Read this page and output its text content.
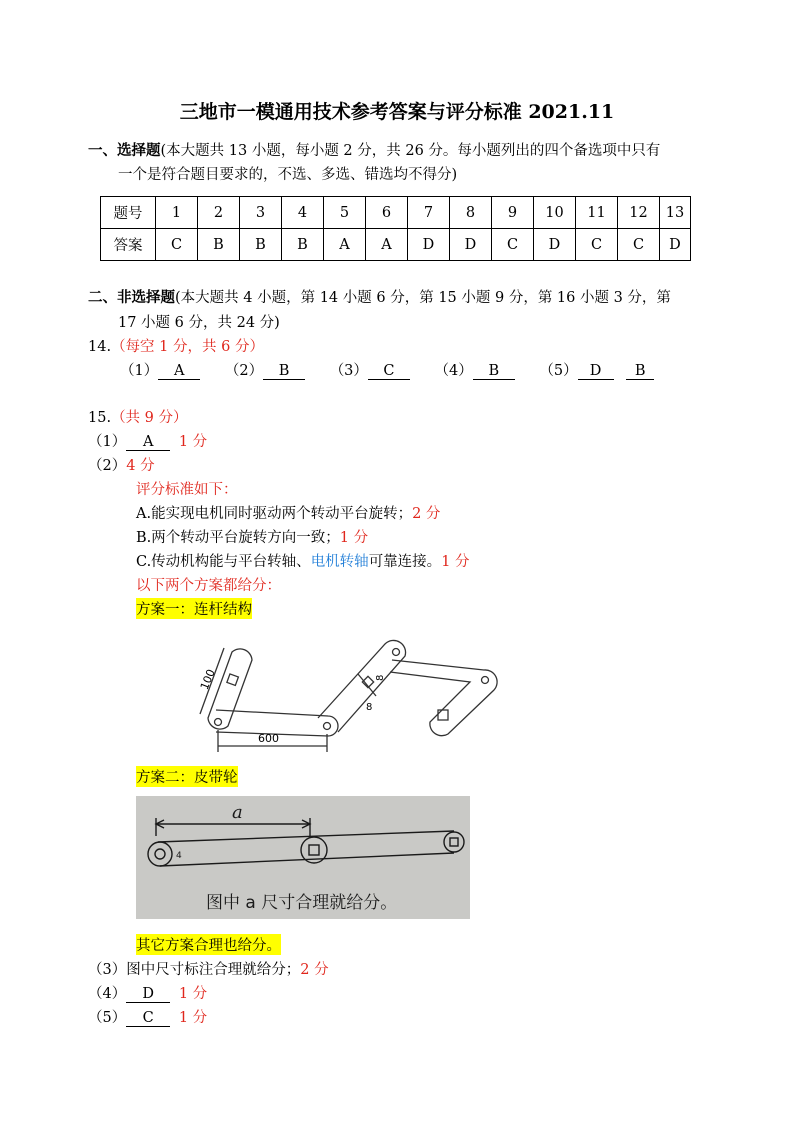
三地市一模通用技术参考答案与评分标准 2021.11
一、选择题(本大题共 13 小题，每小题 2 分，共 26 分。每小题列出的四个备选项中只有
一个是符合题目要求的，不选、多选、错选均不得分)
题号	1	2	3	4	5	6	7	8	9	10	11	12	13
答案	C	B	B	B	A	A	D	D	C	D	C	C	D
二、非选择题(本大题共 4 小题，第 14 小题 6 分，第 15 小题 9 分，第 16 小题 3 分，第
17 小题 6 分，共 24 分)
14.（每空 1 分，共 6 分）
（1） A	（2） B	（3） C	（4） B	（5） D B
15.（共 9 分）
（1） A 1 分
（2）4 分
评分标准如下：
A.能实现电机同时驱动两个转动平台旋转；2 分
B.两个转动平台旋转方向一致；1 分
C.传动机构能与平台转轴、电机转轴可靠连接。1 分
以下两个方案都给分：
方案一：连杆结构
100
600
8
8
方案二：皮带轮
a
4
图中 a 尺寸合理就给分。
其它方案合理也给分。
（3）图中尺寸标注合理就给分；2 分
（4） D 1 分
（5） C 1 分
